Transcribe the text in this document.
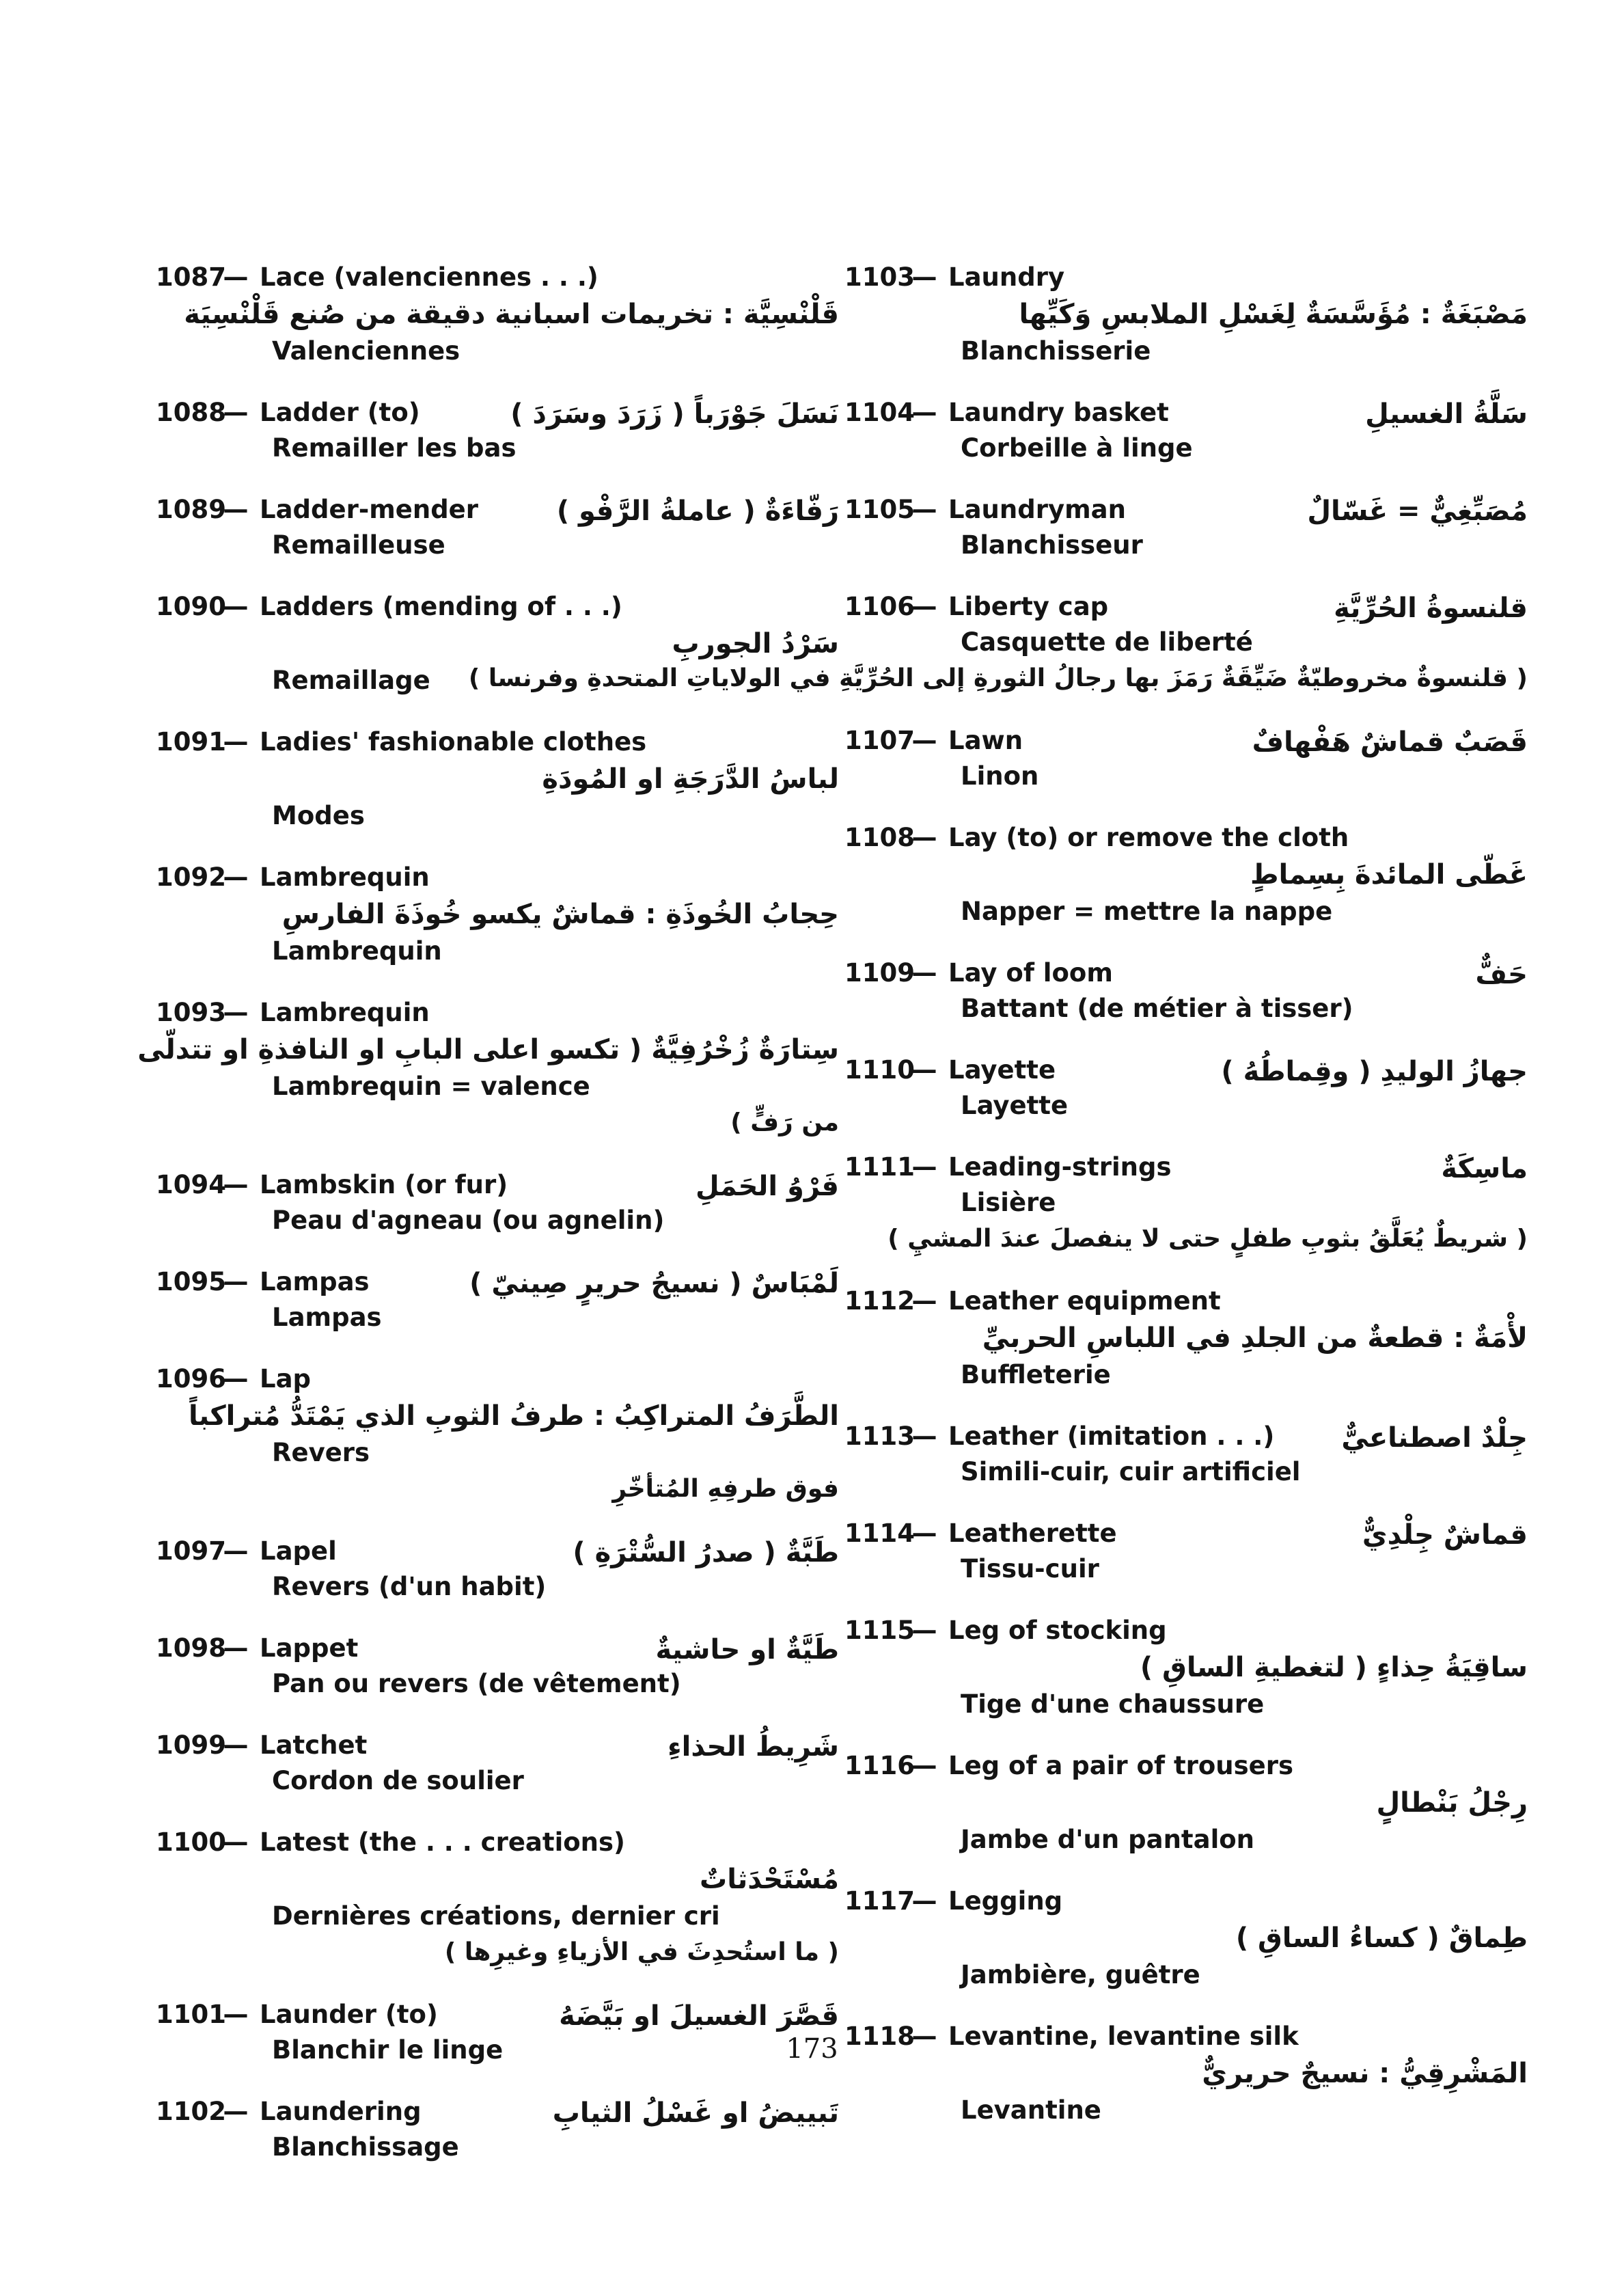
1087
— Lace (valenciennes . . .)
قَلْنْسِيَّة : تخريمات اسبانية دقيقة من صُنع قَلْنْسِيَة
Valenciennes
1088
— Ladder (to)	نَسَلَ جَوْرَباً ( زَرَدَ وسَرَدَ )
Remailler les bas
1089
— Ladder-mender	رَفّاءَةٌ ( عاملةُ الرَّفْو )
Remailleuse
1090
— Ladders (mending of . . .)
سَرْدُ الجوربِ
Remaillage
1091
— Ladies' fashionable clothes
لباسُ الدَّرَجَةِ او المُودَةِ
Modes
1092
— Lambrequin
حِجابُ الخُوذَةِ : قماشٌ يكسو خُوذَةَ الفارسِ
Lambrequin
1093
— Lambrequin
سِتارَةٌ زُخْرُفِيَّةٌ ( تكسو اعلى البابِ او النافذةِ او تتدلّى
Lambrequin = valence
من رَفٍّ )
1094
— Lambskin (or fur)	فَرْوُ الحَمَلِ
Peau d'agneau (ou agnelin)
1095
— Lampas	لَمْبَاسٌ ( نسيجُ حريرٍ صِينيّ )
Lampas
1096
— Lap
الطَّرَفُ المتراكِبُ : طرفُ الثوبِ الذي يَمْتَدُّ مُتراكباً
Revers
فوق طرفِهِ المُتأخّرِ
1097
— Lapel	طَبَّةٌ ( صدرُ السُّتْرَةِ )
Revers (d'un habit)
1098
— Lappet	طَيَّةٌ او حاشيةٌ
Pan ou revers (de vêtement)
1099
— Latchet	شَرِيطُ الحذاءِ
Cordon de soulier
1100
— Latest (the . . . creations)
مُسْتَحْدَثاتٌ
Dernières créations, dernier cri
( ما استُحدِثَ في الأزياءِ وغيرِها )
1101
— Launder (to)	قَصَّرَ الغسيلَ او بَيَّضَهُ
Blanchir le linge
1102
— Laundering	تَبييضُ او غَسْلُ الثيابِ
Blanchissage
1103
— Laundry
مَصْبَغَةٌ : مُؤَسَّسَةٌ لِغَسْلِ الملابسِ وَكَيِّها
Blanchisserie
1104
— Laundry basket	سَلَّةُ الغسيلِ
Corbeille à linge
1105
— Laundryman	مُصَبِّغِيٌّ = غَسّالٌ
Blanchisseur
1106
— Liberty cap	قلنسوةُ الحُرِّيَّةِ
Casquette de liberté
( قلنسوةٌ مخروطيّةٌ ضَيِّقَةٌ رَمَزَ بها رجالُ الثورةِ إلى الحُرِّيَّةِ في الولاياتِ المتحدةِ وفرنسا )
1107
— Lawn	قَصَبٌ قماشٌ هَفْهافٌ
Linon
1108
— Lay (to) or remove the cloth
غَطّى المائدةَ بِسِماطٍ
Napper = mettre la nappe
1109
— Lay of loom	حَفٌّ
Battant (de métier à tisser)
1110
— Layette	جهازُ الوليدِ ( وقِماطُهُ )
Layette
1111
— Leading-strings	ماسِكَةٌ
Lisière
( شريطٌ يُعَلَّقُ بثوبِ طفلٍ حتى لا ينفصلَ عندَ المشيِ )
1112
— Leather equipment
لأْمَةٌ : قطعةٌ من الجلدِ في اللباسِ الحربيِّ
Buffleterie
1113
— Leather (imitation . . .) جِلْدٌ اصطناعيٌّ
Simili-cuir, cuir artificiel
1114
— Leatherette	قماشٌ جِلْدِيٌّ
Tissu-cuir
1115
— Leg of stocking
ساقِيَةُ حِذاءٍ ( لتغطيةِ الساقِ )
Tige d'une chaussure
1116
— Leg of a pair of trousers
رِجْلُ بَنْطالٍ
Jambe d'un pantalon
1117
— Legging
طِماقٌ ( كساءُ الساقِ )
Jambière, guêtre
1118
— Levantine, levantine silk
المَشْرِقِيُّ : نسيجٌ حريريٌّ
Levantine
173
